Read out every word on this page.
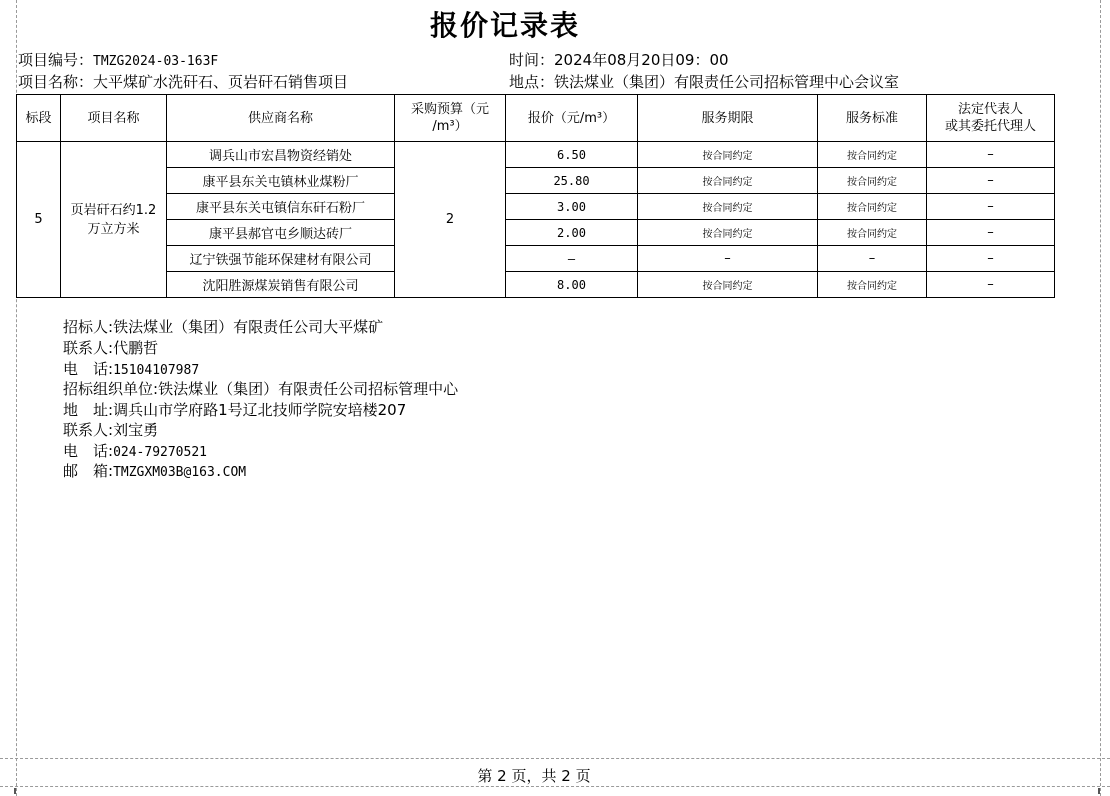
报价记录表
项目编号：TMZG2024-03-163F	时间：2024年08月20日09：00
项目名称：大平煤矿水洗矸石、页岩矸石销售项目	地点：铁法煤业（集团）有限责任公司招标管理中心会议室
标段	项目名称	供应商名称	采购预算（元
/m³）	报价（元/m³）	服务期限	服务标准	法定代表人
或其委托代理人
5	页岩矸石约1.2
万立方米	调兵山市宏昌物资经销处	2	6.50	按合同约定	按合同约定	–
		康平县东关屯镇林业煤粉厂		25.80	按合同约定	按合同约定	–
		康平县东关屯镇信东矸石粉厂		3.00	按合同约定	按合同约定	–
		康平县郝官屯乡顺达砖厂		2.00	按合同约定	按合同约定	–
		辽宁铁强节能环保建材有限公司		–	–	–	–
		沈阳胜源煤炭销售有限公司		8.00	按合同约定	按合同约定	–
招标人:铁法煤业（集团）有限责任公司大平煤矿
联系人:代鹏哲
电　话:15104107987
招标组织单位:铁法煤业（集团）有限责任公司招标管理中心
地　址:调兵山市学府路1号辽北技师学院安培楼207
联系人:刘宝勇
电　话:024-79270521
邮　箱:TMZGXM03B@163.COM
第 2 页，共 2 页
